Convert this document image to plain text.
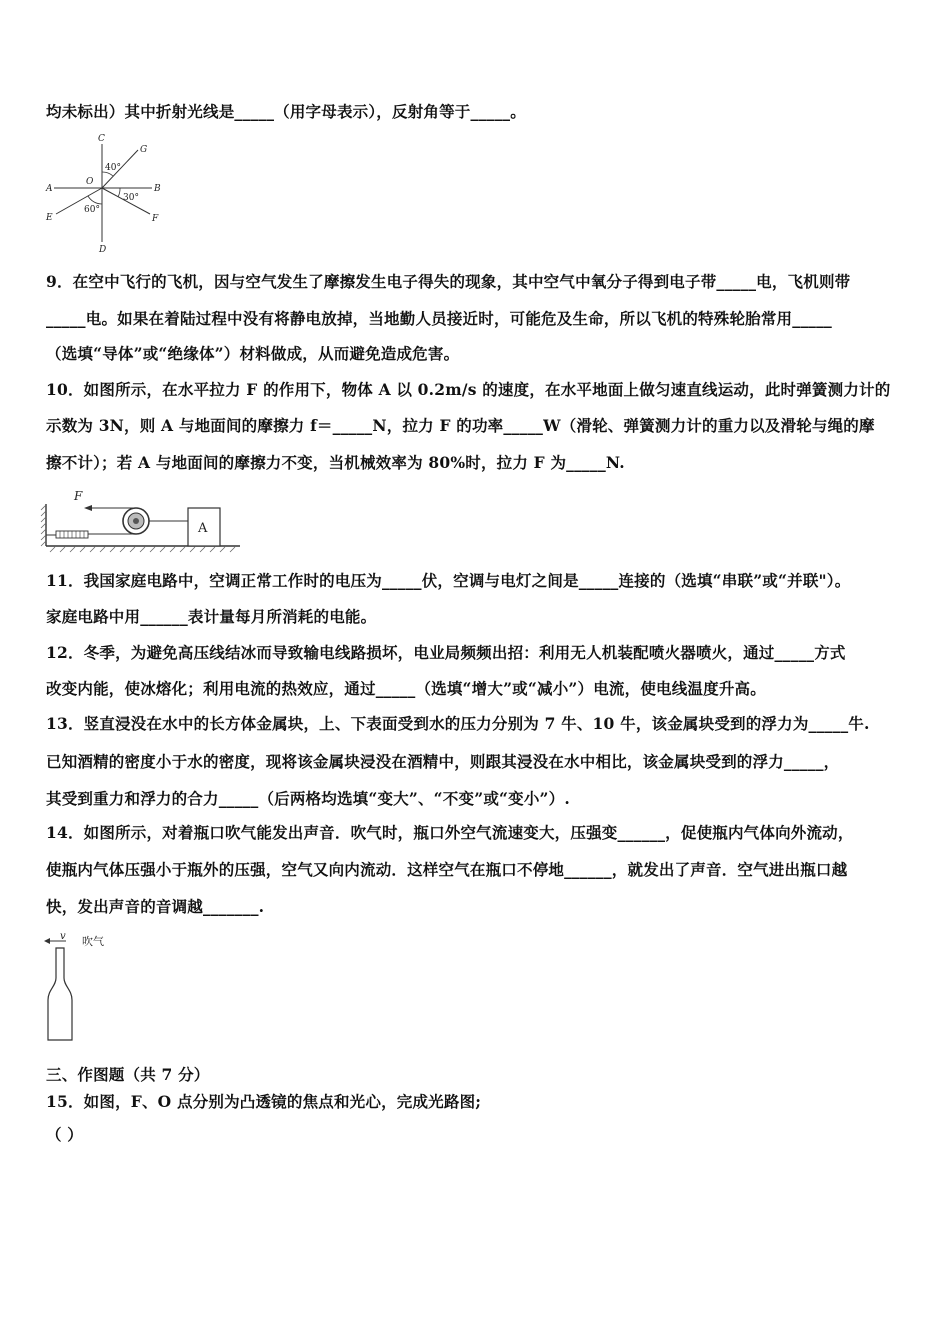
均未标出）其中折射光线是_____（用字母表示），反射角等于_____。
C
G
O
40°
A	B
30°
E
60°
F
D
9．在空中飞行的飞机，因与空气发生了摩擦发生电子得失的现象，其中空气中氧分子得到电子带_____电，飞机则带
_____电。如果在着陆过程中没有将静电放掉，当地勤人员接近时，可能危及生命，所以飞机的特殊轮胎常用_____
（选填“导体”或“绝缘体”）材料做成，从而避免造成危害。
10．如图所示，在水平拉力 F 的作用下，物体 A 以 0.2m/s 的速度，在水平地面上做匀速直线运动，此时弹簧测力计的
示数为 3N，则 A 与地面间的摩擦力 f＝_____N，拉力 F 的功率_____W（滑轮、弹簧测力计的重力以及滑轮与绳的摩
擦不计）；若 A 与地面间的摩擦力不变，当机械效率为 80%时，拉力 F 为_____N.
F
A
11．我国家庭电路中，空调正常工作时的电压为_____伏，空调与电灯之间是_____连接的（选填“串联”或“并联"）。
家庭电路中用______表计量每月所消耗的电能。
12．冬季，为避免高压线结冰而导致输电线路损坏，电业局频频出招：利用无人机装配喷火器喷火，通过_____方式
改变内能，使冰熔化；利用电流的热效应，通过_____（选填“增大”或“减小”）电流，使电线温度升高。
13．竖直浸没在水中的长方体金属块，上、下表面受到水的压力分别为 7 牛、10 牛，该金属块受到的浮力为_____牛.
已知酒精的密度小于水的密度，现将该金属块浸没在酒精中，则跟其浸没在水中相比，该金属块受到的浮力_____，
其受到重力和浮力的合力_____（后两格均选填“变大”、“不变”或“变小”）.
14．如图所示，对着瓶口吹气能发出声音．吹气时，瓶口外空气流速变大，压强变______，促使瓶内气体向外流动，
使瓶内气体压强小于瓶外的压强，空气又向内流动．这样空气在瓶口不停地______，就发出了声音．空气进出瓶口越
快，发出声音的音调越_______.
v 吹气
三、作图题（共 7 分）
15．如图，F、O 点分别为凸透镜的焦点和光心，完成光路图;
（ ）
